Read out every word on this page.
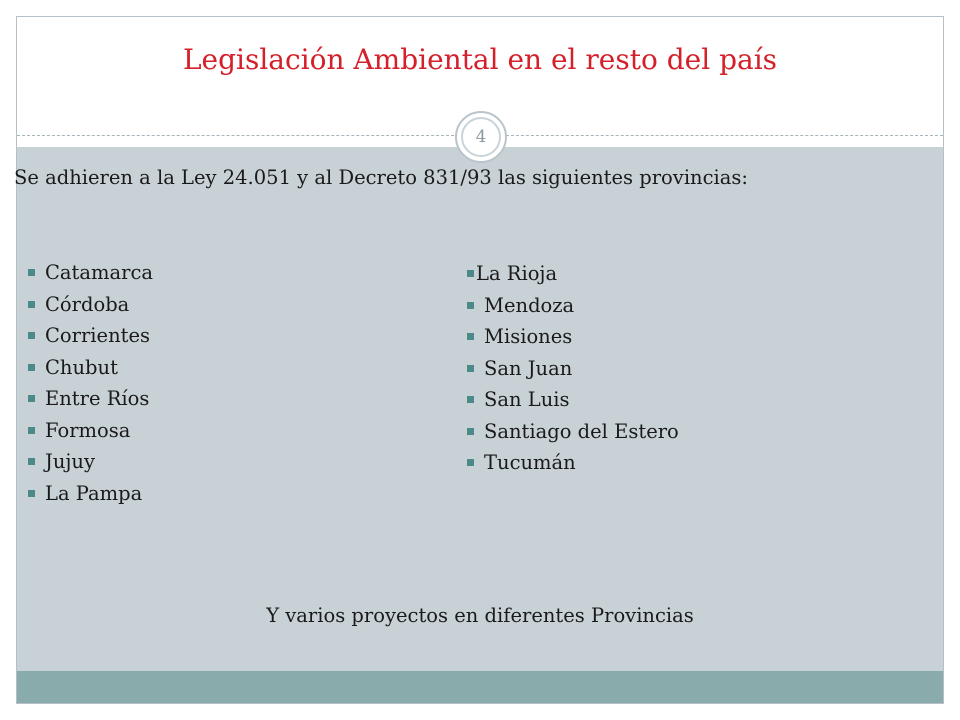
Legislación Ambiental en el resto del país
4
Se adhieren a la Ley 24.051 y al Decreto 831/93 las siguientes provincias:
Catamarca
Córdoba
Corrientes
Chubut
Entre Ríos
Formosa
Jujuy
La Pampa
La Rioja
Mendoza
Misiones
San Juan
San Luis
Santiago del Estero
Tucumán
Y varios proyectos en diferentes Provincias
